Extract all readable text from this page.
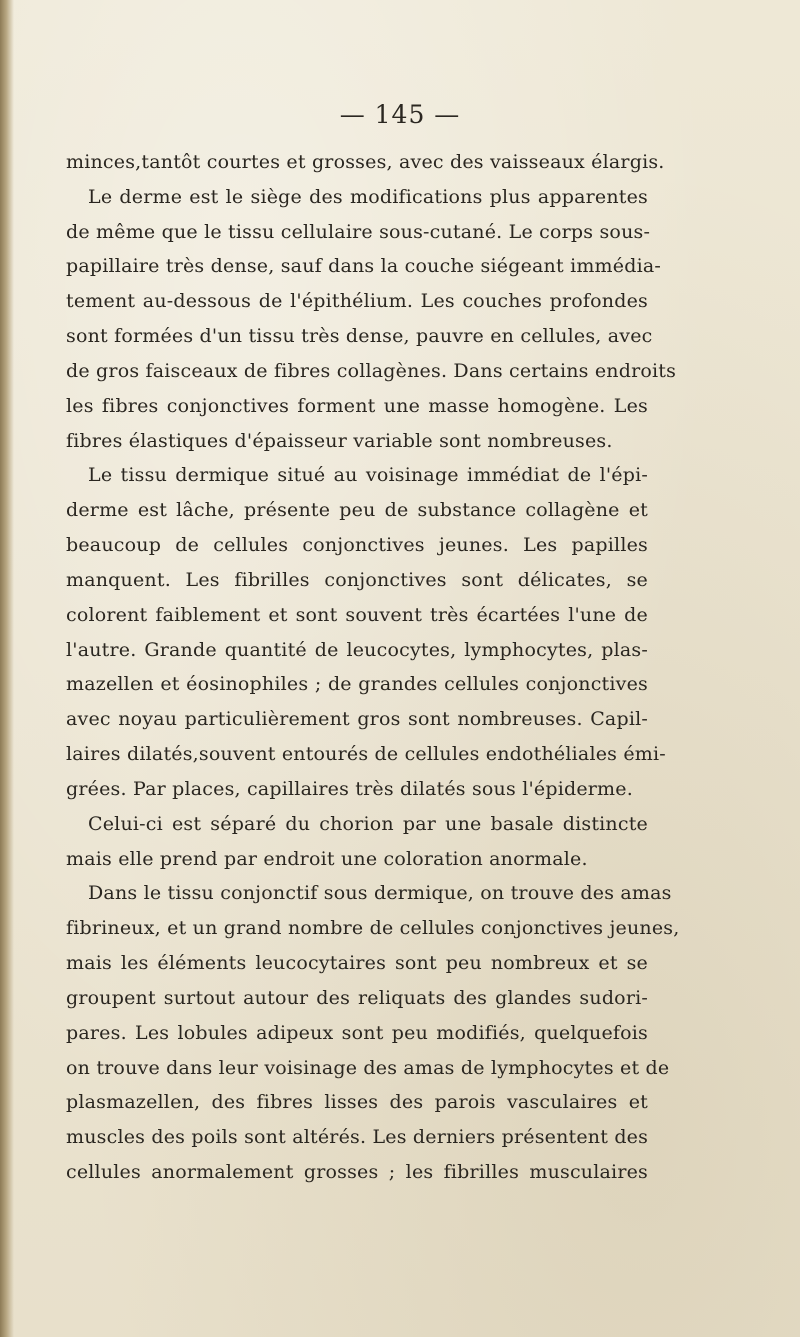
— 145 —
minces,tantôt courtes et grosses, avec des vaisseaux élargis.
Le derme est le siège des modifications plus apparentes
de même que le tissu cellulaire sous-cutané. Le corps sous-
papillaire très dense, sauf dans la couche siégeant immédia-
tement au-dessous de l'épithélium. Les couches profondes
sont formées d'un tissu très dense, pauvre en cellules, avec
de gros faisceaux de fibres collagènes. Dans certains endroits
les fibres conjonctives forment une masse homogène. Les
fibres élastiques d'épaisseur variable sont nombreuses.
Le tissu dermique situé au voisinage immédiat de l'épi-
derme est lâche, présente peu de substance collagène et
beaucoup de cellules conjonctives jeunes. Les papilles
manquent. Les fibrilles conjonctives sont délicates, se
colorent faiblement et sont souvent très écartées l'une de
l'autre. Grande quantité de leucocytes, lymphocytes, plas-
mazellen et éosinophiles ; de grandes cellules conjonctives
avec noyau particulièrement gros sont nombreuses. Capil-
laires dilatés,souvent entourés de cellules endothéliales émi-
grées. Par places, capillaires très dilatés sous l'épiderme.
Celui-ci est séparé du chorion par une basale distincte
mais elle prend par endroit une coloration anormale.
Dans le tissu conjonctif sous dermique, on trouve des amas
fibrineux, et un grand nombre de cellules conjonctives jeunes,
mais les éléments leucocytaires sont peu nombreux et se
groupent surtout autour des reliquats des glandes sudori-
pares. Les lobules adipeux sont peu modifiés, quelquefois
on trouve dans leur voisinage des amas de lymphocytes et de
plasmazellen, des fibres lisses des parois vasculaires et
muscles des poils sont altérés. Les derniers présentent des
cellules anormalement grosses ; les fibrilles musculaires
